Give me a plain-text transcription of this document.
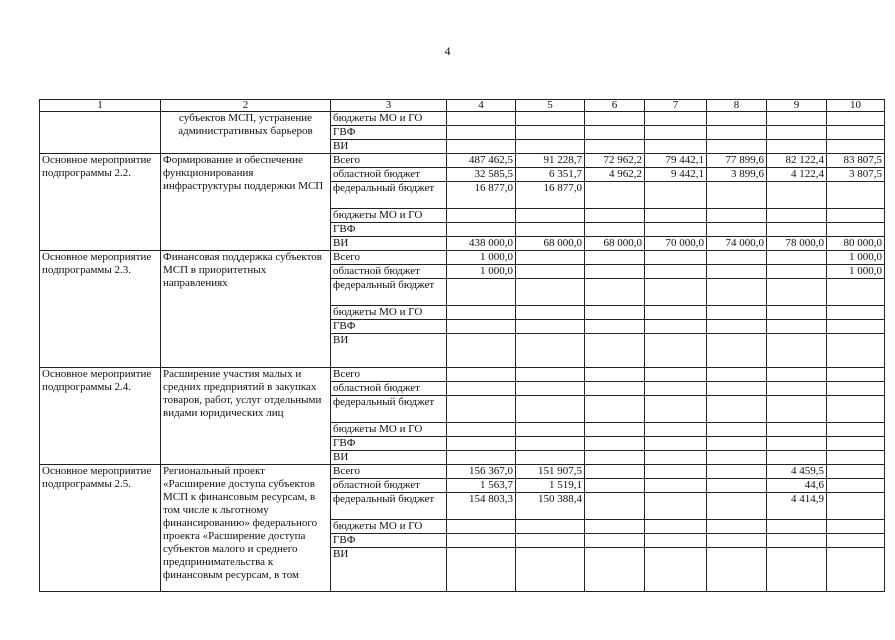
4
1	2	3	4	5	6	7	8	9	10
	субъектов МСП, устранение административных барьеров	бюджеты МО и ГО							
		ГВФ							
		ВИ							
Основное мероприятие подпрограммы 2.2.	Формирование и обеспечение функционирования инфраструктуры поддержки МСП	Всего	487 462,5	91 228,7	72 962,2	79 442,1	77 899,6	82 122,4	83 807,5
		областной бюджет	32 585,5	6 351,7	4 962,2	9 442,1	3 899,6	4 122,4	3 807,5
		федеральный бюджет	16 877,0	16 877,0					
		бюджеты МО и ГО							
		ГВФ							
		ВИ	438 000,0	68 000,0	68 000,0	70 000,0	74 000,0	78 000,0	80 000,0
Основное мероприятие подпрограммы 2.3.	Финансовая поддержка субъектов МСП в приоритетных направлениях	Всего	1 000,0						1 000,0
		областной бюджет	1 000,0						1 000,0
		федеральный бюджет							
		бюджеты МО и ГО							
		ГВФ							
		ВИ							
Основное мероприятие подпрограммы 2.4.	Расширение участия малых и средних предприятий в закупках товаров, работ, услуг отдельными видами юридических лиц	Всего							
		областной бюджет							
		федеральный бюджет							
		бюджеты МО и ГО							
		ГВФ							
		ВИ							
Основное мероприятие подпрограммы 2.5.	Региональный проект «Расширение доступа субъектов МСП к финансовым ресурсам, в том числе к льготному финансированию» федерального проекта «Расширение доступа субъектов малого и среднего предпринимательства к финансовым ресурсам, в том	Всего	156 367,0	151 907,5				4 459,5	
		областной бюджет	1 563,7	1 519,1				44,6	
		федеральный бюджет	154 803,3	150 388,4				4 414,9	
		бюджеты МО и ГО							
		ГВФ							
		ВИ							
